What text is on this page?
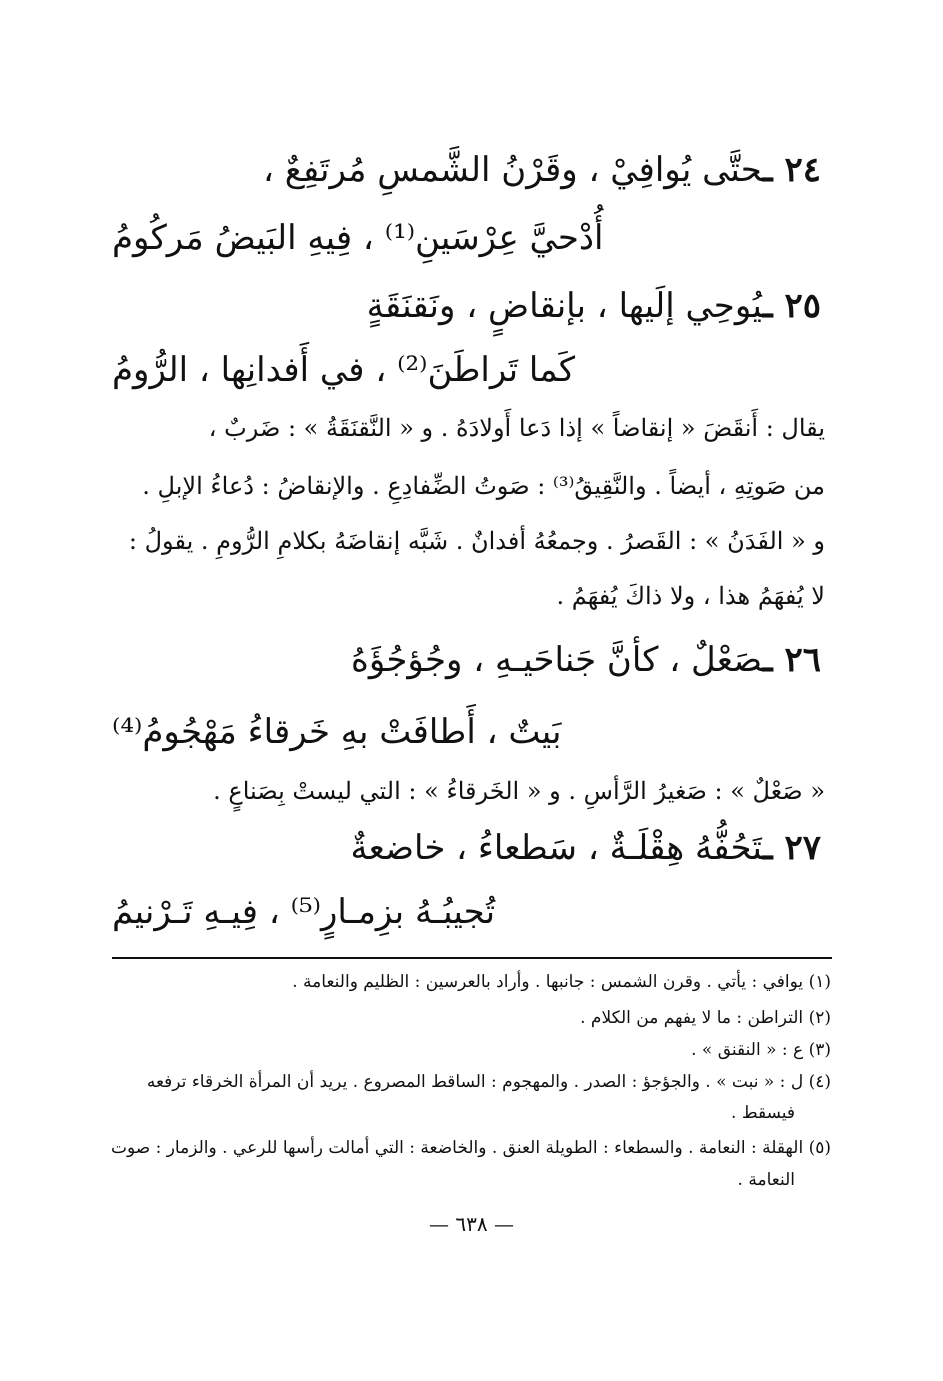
٢٤ ـحتَّى يُوافِيْ ، وقَرْنُ الشَّمسِ مُرتَفِعٌ ،
أُدْحيَّ عِرْسَينِ⁽¹⁾ ، فِيهِ البَيضُ مَركُومُ
٢٥ ـيُوحِي إلَيها ، بإنقاضٍ ، ونَقنَقَةٍ
كَما تَراطَنَ⁽²⁾ ، في أَفدانِها ، الرُّومُ
يقال : أَنقَضَ « إنقاضاً » إذا دَعا أَولادَهُ . و « النَّقنَقَةُ » : ضَربٌ ،
من صَوتِهِ ، أيضاً . والنَّقِيقُ⁽³⁾ : صَوتُ الضِّفادِعِ . والإنقاضُ : دُعاءُ الإبلِ .
و « الفَدَنُ » : القَصرُ . وجمعُهُ أفدانٌ . شَبَّه إنقاضَهُ بكلامِ الرُّومِ . يقولُ :
لا يُفهَمُ هذا ، ولا ذاكَ يُفهَمُ .
٢٦ ـصَعْلٌ ، كأنَّ جَناحَيـهِ ، وجُؤجُؤَهُ
بَيتٌ ، أَطافَتْ بهِ خَرقاءُ مَهْجُومُ⁽⁴⁾
« صَعْلٌ » : صَغيرُ الرَّأسِ . و « الخَرقاءُ » : التي ليستْ بِصَناعٍ .
٢٧ ـتَحُفُّهُ هِقْلَـةٌ ، سَطعاءُ ، خاضعةٌ
تُجيبُـهُ بزِمـارٍ⁽⁵⁾ ، فِيـهِ تَـرْنيمُ
(١) يوافي : يأتي . وقرن الشمس : جانبها . وأراد بالعرسين : الظليم والنعامة .
(٢) التراطن : ما لا يفهم من الكلام .
(٣) ع : « النقنق » .
(٤) ل : « نبت » . والجؤجؤ : الصدر . والمهجوم : الساقط المصروع . يريد أن المرأة الخرقاء ترفعه
فيسقط .
(٥) الهقلة : النعامة . والسطعاء : الطويلة العنق . والخاضعة : التي أمالت رأسها للرعي . والزمار : صوت
النعامة .
— ٦٣٨ —
